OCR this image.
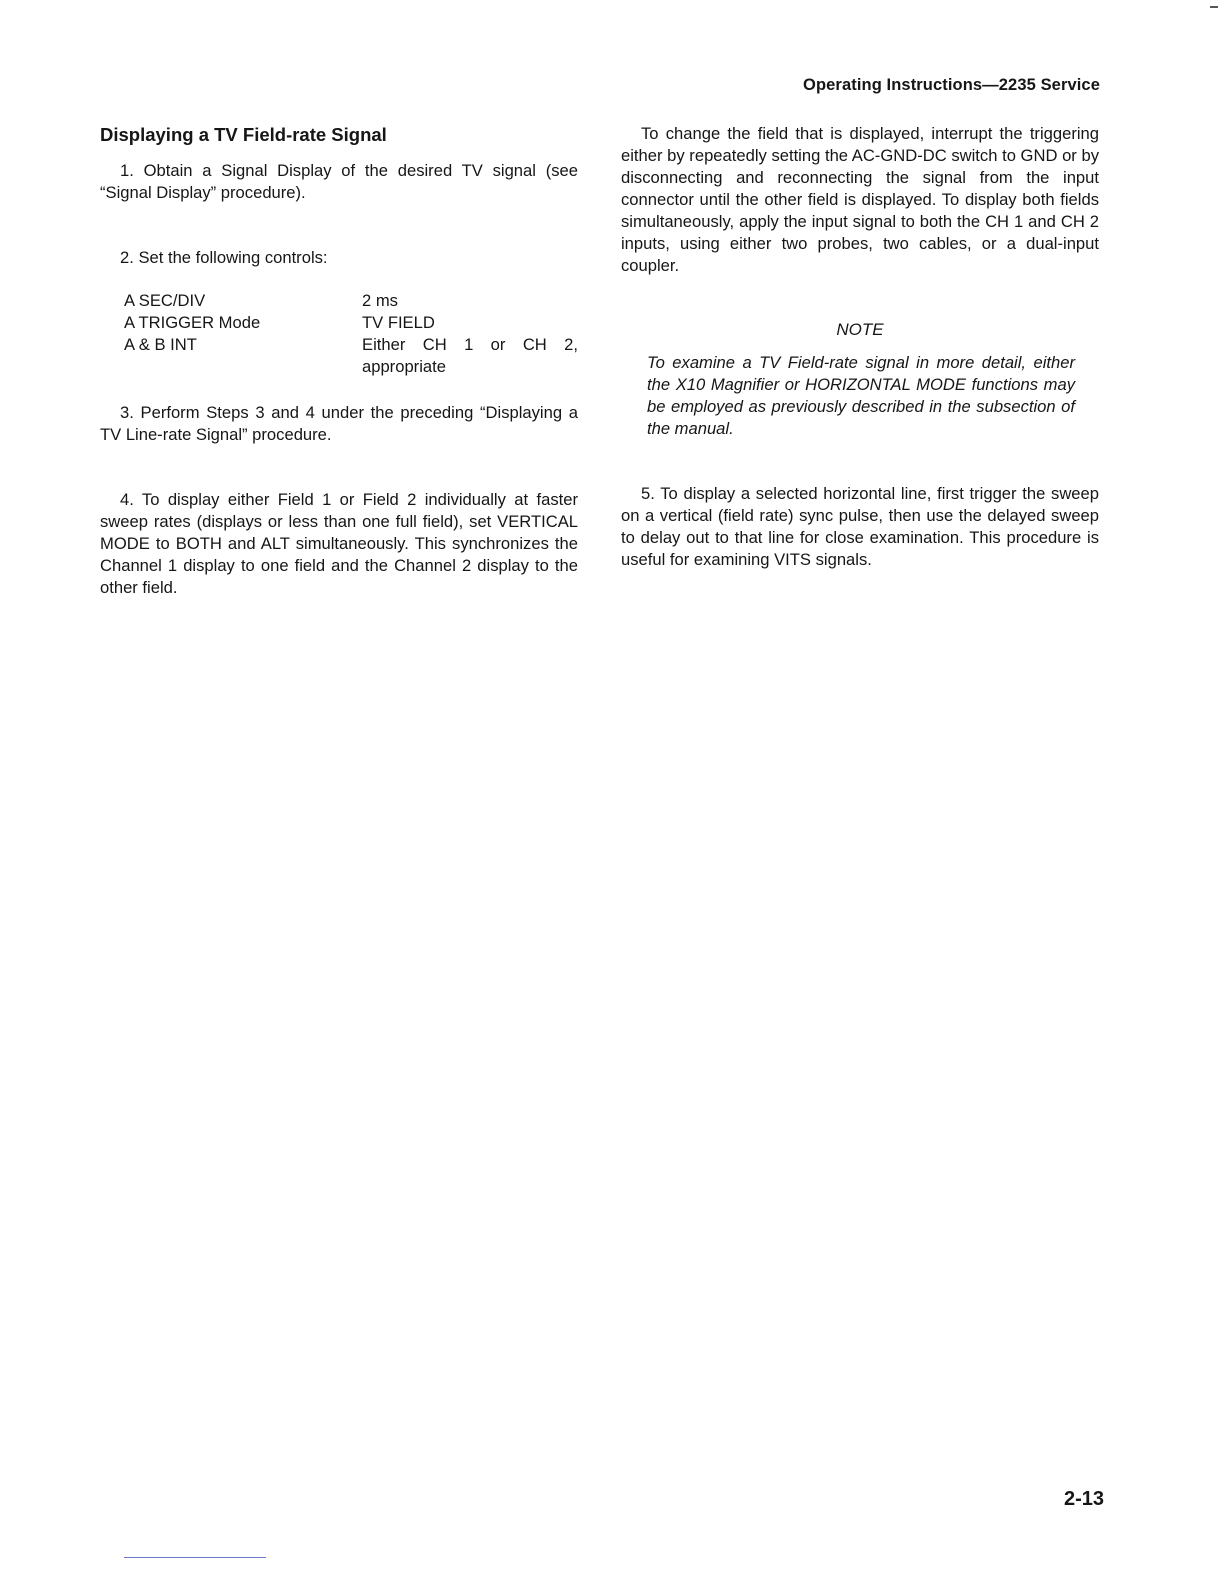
Operating Instructions—2235 Service
Displaying a TV Field-rate Signal

1. Obtain a Signal Display of the desired TV signal (see “Signal Display” procedure).

2. Set the following controls:

A SEC/DIV	2 ms
A TRIGGER Mode	TV FIELD
A & B INT	Either CH 1 or CH 2,
appropriate

3. Perform Steps 3 and 4 under the preceding “Displaying a TV Line-rate Signal” procedure.

4. To display either Field 1 or Field 2 individually at faster sweep rates (displays or less than one full field), set VERTICAL MODE to BOTH and ALT simultaneously. This synchronizes the Channel 1 display to one field and the Channel 2 display to the other field.

To change the field that is displayed, interrupt the triggering either by repeatedly setting the AC-GND-DC switch to GND or by disconnecting and reconnecting the signal from the input connector until the other field is displayed. To display both fields simultaneously, apply the input signal to both the CH 1 and CH 2 inputs, using either two probes, two cables, or a dual-input coupler.

NOTE
To examine a TV Field-rate signal in more detail, either the X10 Magnifier or HORIZONTAL MODE functions may be employed as previously described in the subsection of the manual.

5. To display a selected horizontal line, first trigger the sweep on a vertical (field rate) sync pulse, then use the delayed sweep to delay out to that line for close examination. This procedure is useful for examining VITS signals.

2-13
